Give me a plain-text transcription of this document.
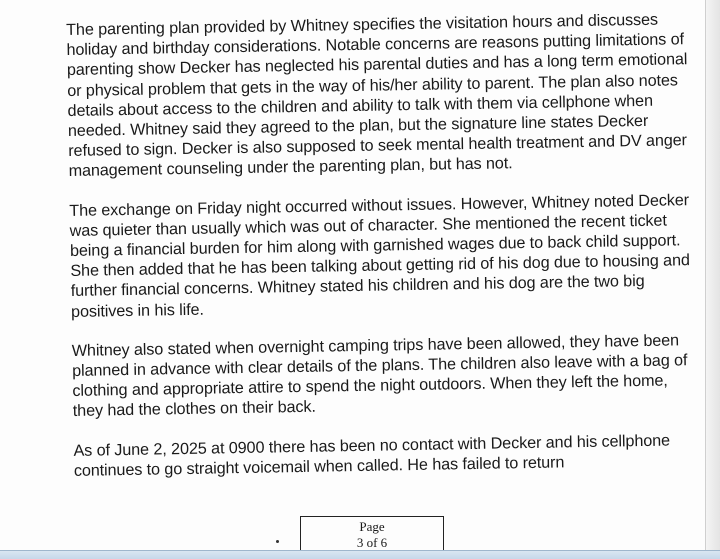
The parenting plan provided by Whitney specifies the visitation hours and discusses holiday and birthday considerations. Notable concerns are reasons putting limitations of parenting show Decker has neglected his parental duties and has a long term emotional or physical problem that gets in the way of his/her ability to parent. The plan also notes details about access to the children and ability to talk with them via cellphone when needed. Whitney said they agreed to the plan, but the signature line states Decker refused to sign. Decker is also supposed to seek mental health treatment and DV anger management counseling under the parenting plan, but has not.

The exchange on Friday night occurred without issues. However, Whitney noted Decker was quieter than usually which was out of character. She mentioned the recent ticket being a financial burden for him along with garnished wages due to back child support. She then added that he has been talking about getting rid of his dog due to housing and further financial concerns. Whitney stated his children and his dog are the two big positives in his life.

Whitney also stated when overnight camping trips have been allowed, they have been planned in advance with clear details of the plans. The children also leave with a bag of clothing and appropriate attire to spend the night outdoors. When they left the home, they had the clothes on their back.

As of June 2, 2025 at 0900 there has been no contact with Decker and his cellphone continues to go straight voicemail when called. He has failed to return

Page
3 of 6
